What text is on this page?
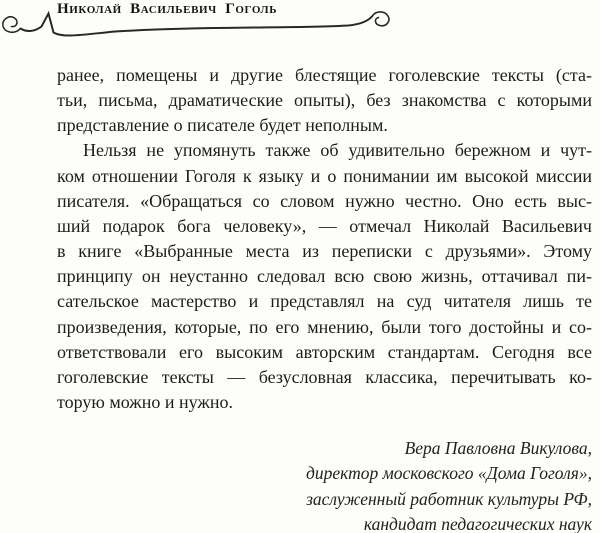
Николай Васильевич Гоголь
ранее, помещены и другие блестящие гоголевские тексты (ста-
тьи, письма, драматические опыты), без знакомства с которыми
представление о писателе будет неполным.
Нельзя не упомянуть также об удивительно бережном и чут-
ком отношении Гоголя к языку и о понимании им высокой миссии
писателя. «Обращаться со словом нужно честно. Оно есть выс-
ший подарок бога человеку», — отмечал Николай Васильевич
в книге «Выбранные места из переписки с друзьями». Этому
принципу он неустанно следовал всю свою жизнь, оттачивал пи-
сательское мастерство и представлял на суд читателя лишь те
произведения, которые, по его мнению, были того достойны и со-
ответствовали его высоким авторским стандартам. Сегодня все
гоголевские тексты — безусловная классика, перечитывать ко-
торую можно и нужно.
Вера Павловна Викулова,
директор московского «Дома Гоголя»,
заслуженный работник культуры РФ,
кандидат педагогических наук
